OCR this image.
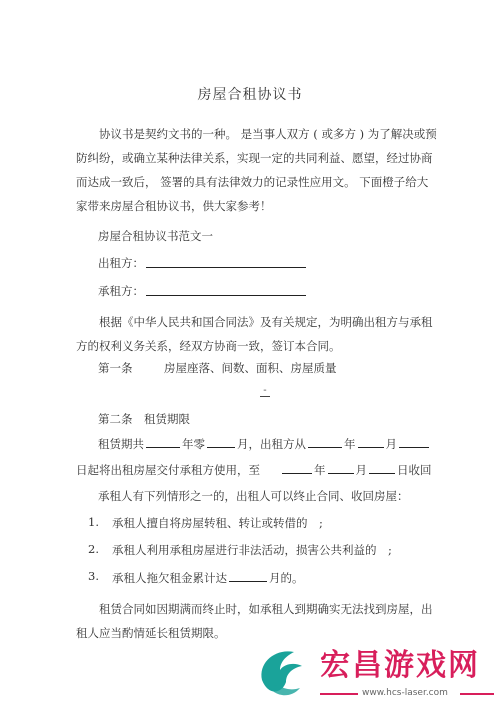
房屋合租协议书

协议书是契约文书的一种。 是当事人双方 ( 或多方 ) 为了解决或预防纠纷，或确立某种法律关系，实现一定的共同利益、愿望，经过协商而达成一致后， 签署的具有法律效力的记录性应用文。 下面橙子给大家带来房屋合租协议书，供大家参考！

房屋合租协议书范文一
出租方：
承租方：

根据《中华人民共和国合同法》及有关规定，为明确出租方与承租方的权利义务关系，经双方协商一致，签订本合同。

第一条	房屋座落、间数、面积、房屋质量
-
第二条　租赁期限
租赁期共	年零	月，出租方从	年	月
日起将出租房屋交付承租方使用，至	年	月	日收回
承租人有下列情形之一的，出租人可以终止合同、收回房屋：
1. 承租人擅自将房屋转租、转让或转借的　;
2. 承租人利用承租房屋进行非法活动，损害公共利益的　;
3. 承租人拖欠租金累计达	月的。

租赁合同如因期满而终止时，如承租人到期确实无法找到房屋，出租人应当酌情延长租赁期限。

宏昌游戏网
www.hcs-laser.com
